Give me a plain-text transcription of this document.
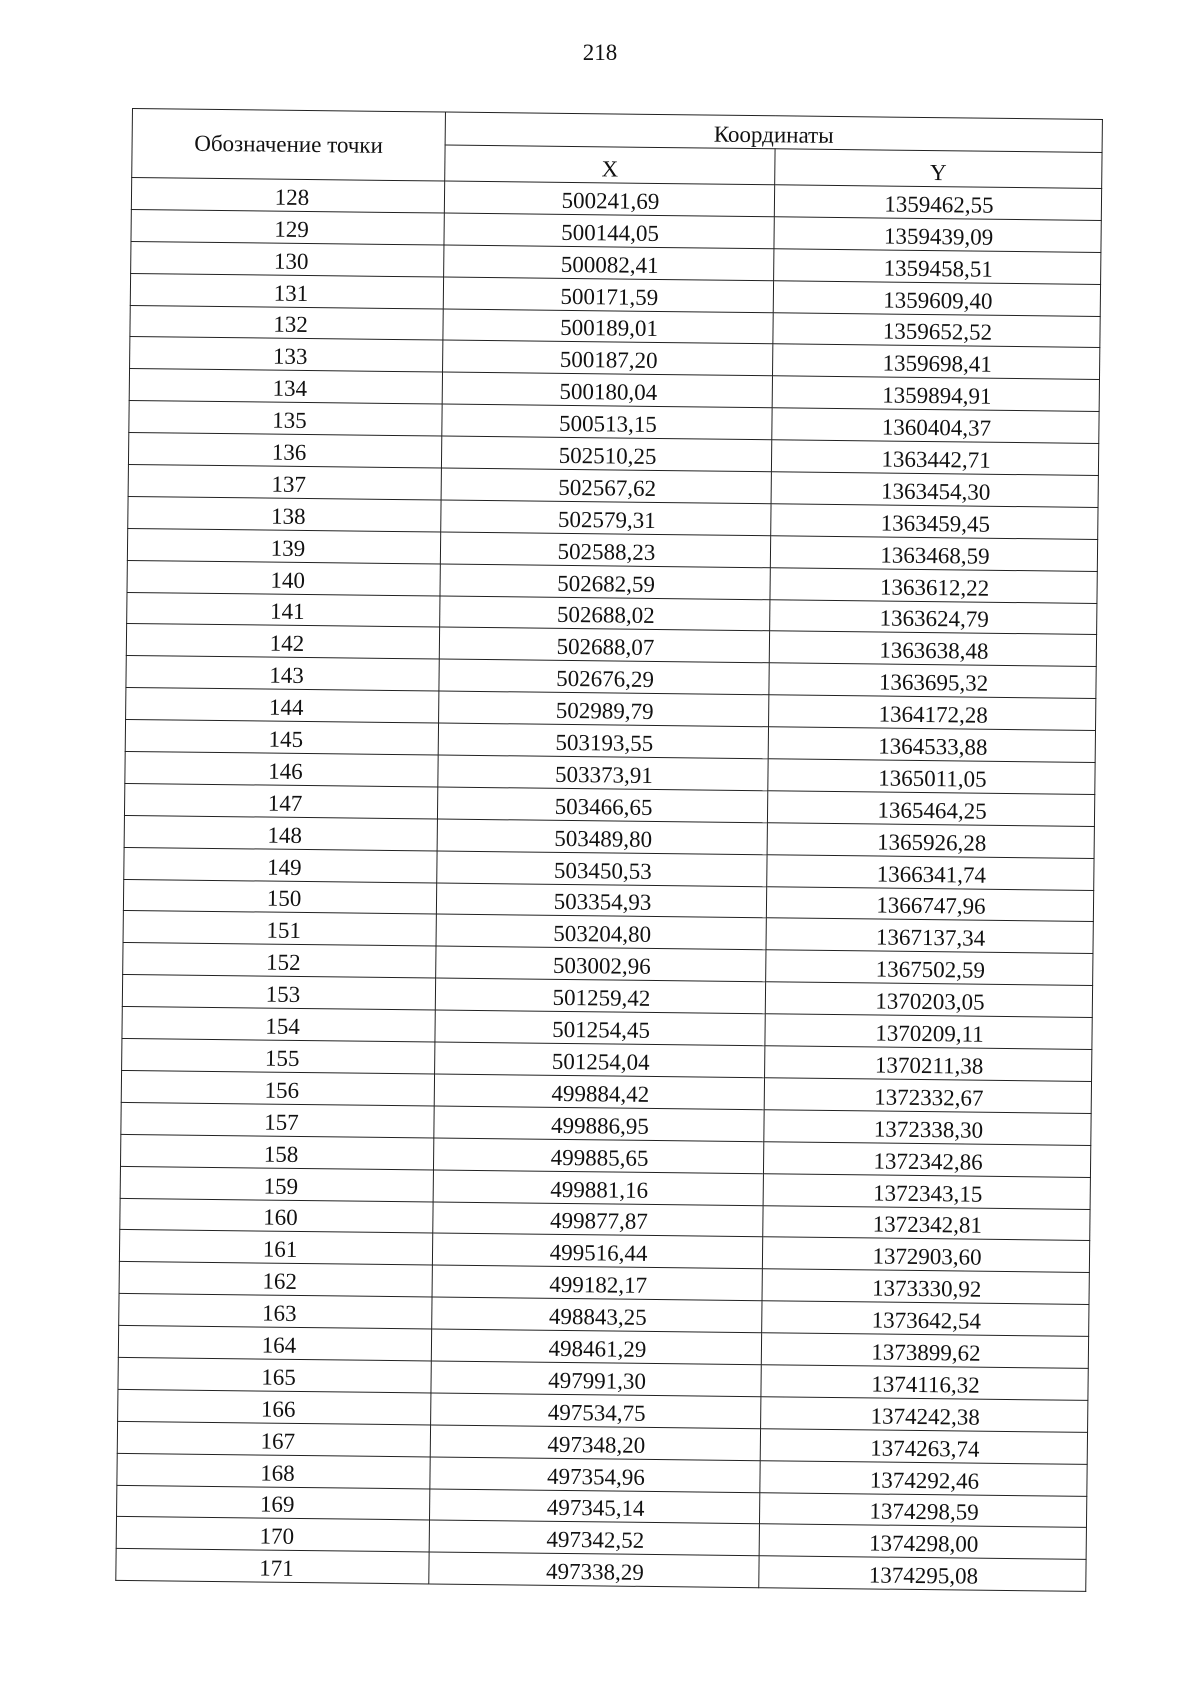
218
Обозначение точки	Координаты	
	X	Y
128	500241,69	1359462,55
129	500144,05	1359439,09
130	500082,41	1359458,51
131	500171,59	1359609,40
132	500189,01	1359652,52
133	500187,20	1359698,41
134	500180,04	1359894,91
135	500513,15	1360404,37
136	502510,25	1363442,71
137	502567,62	1363454,30
138	502579,31	1363459,45
139	502588,23	1363468,59
140	502682,59	1363612,22
141	502688,02	1363624,79
142	502688,07	1363638,48
143	502676,29	1363695,32
144	502989,79	1364172,28
145	503193,55	1364533,88
146	503373,91	1365011,05
147	503466,65	1365464,25
148	503489,80	1365926,28
149	503450,53	1366341,74
150	503354,93	1366747,96
151	503204,80	1367137,34
152	503002,96	1367502,59
153	501259,42	1370203,05
154	501254,45	1370209,11
155	501254,04	1370211,38
156	499884,42	1372332,67
157	499886,95	1372338,30
158	499885,65	1372342,86
159	499881,16	1372343,15
160	499877,87	1372342,81
161	499516,44	1372903,60
162	499182,17	1373330,92
163	498843,25	1373642,54
164	498461,29	1373899,62
165	497991,30	1374116,32
166	497534,75	1374242,38
167	497348,20	1374263,74
168	497354,96	1374292,46
169	497345,14	1374298,59
170	497342,52	1374298,00
171	497338,29	1374295,08
